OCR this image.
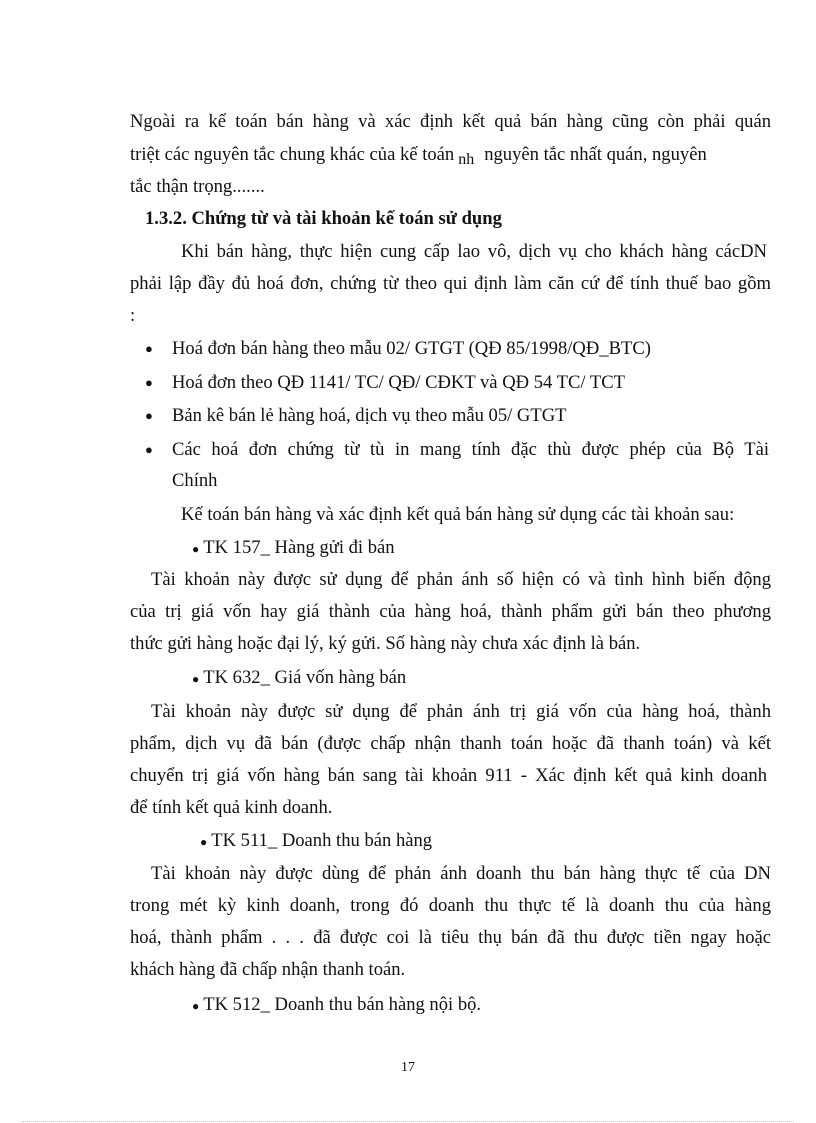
Ngoài ra kế toán bán hàng và xác định kết quả bán hàng cũng còn phải quán
triệt các nguyên tắc chung khác của kế toán nh nguyên tắc nhất quán, nguyên
tắc thận trọng.......
1.3.2. Chứng từ và tài khoản kế toán sử dụng
Khi bán hàng, thực hiện cung cấp lao vô, dịch vụ cho khách hàng cácDN
phải lập đầy đủ hoá đơn, chứng từ theo qui định làm căn cứ để tính thuế bao gồm
:
● Hoá đơn bán hàng theo mẫu 02/ GTGT (QĐ 85/1998/QĐ_BTC)
● Hoá đơn theo QĐ 1141/ TC/ QĐ/ CĐKT và QĐ 54 TC/ TCT
● Bản kê bán lẻ hàng hoá, dịch vụ theo mẫu 05/ GTGT
● Các hoá đơn chứng từ tù in mang tính đặc thù được phép của Bộ Tài
Chính
Kế toán bán hàng và xác định kết quả bán hàng sử dụng các tài khoản sau:
● TK 157_ Hàng gửi đi bán
Tài khoản này được sử dụng để phản ánh số hiện có và tình hình biến động
của trị giá vốn hay giá thành của hàng hoá, thành phẩm gửi bán theo phương
thức gửi hàng hoặc đại lý, ký gửi. Số hàng này chưa xác định là bán.
● TK 632_ Giá vốn hàng bán
Tài khoản này được sử dụng để phản ánh trị giá vốn của hàng hoá, thành
phẩm, dịch vụ đã bán (được chấp nhận thanh toán hoặc đã thanh toán) và kết
chuyển trị giá vốn hàng bán sang tài khoản 911 - Xác định kết quả kinh doanh
để tính kết quả kinh doanh.
● TK 511_ Doanh thu bán hàng
Tài khoản này được dùng để phản ánh doanh thu bán hàng thực tế của DN
trong mét kỳ kinh doanh, trong đó doanh thu thực tế là doanh thu của hàng
hoá, thành phẩm . . . đã được coi là tiêu thụ bán đã thu được tiền ngay hoặc
khách hàng đã chấp nhận thanh toán.
● TK 512_ Doanh thu bán hàng nội bộ.
17
